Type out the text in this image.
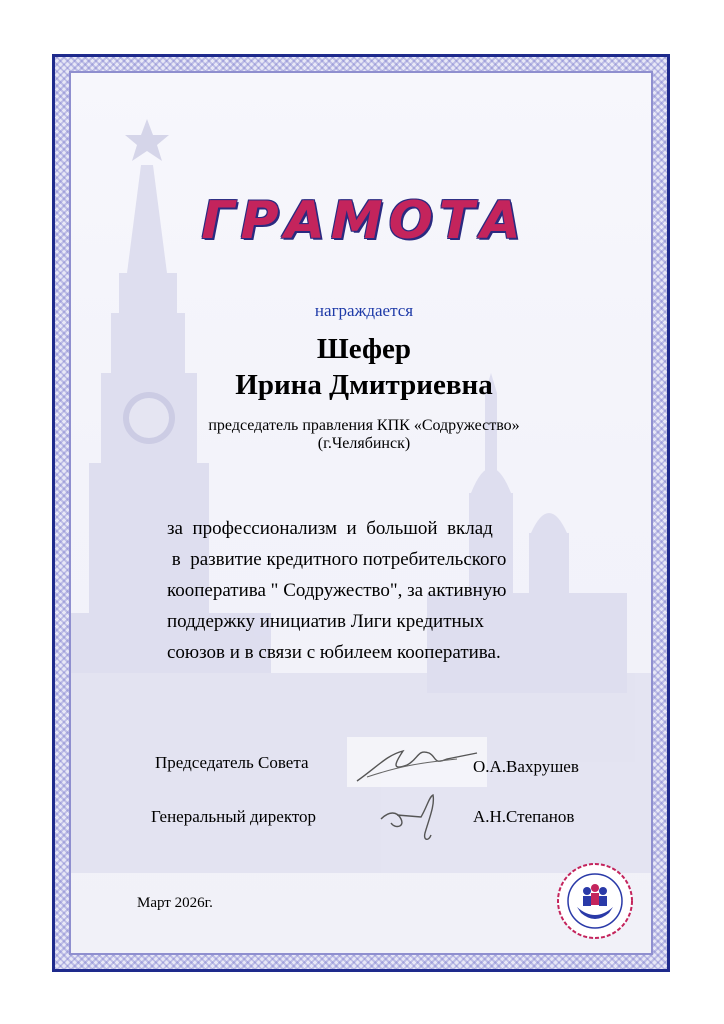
ГРАМОТА
награждается
Шефер
Ирина Дмитриевна
председатель правления КПК «Содружество»
(г.Челябинск)
за  профессионализм  и  большой  вклад
в  развитие кредитного потребительского
кооператива " Содружество", за активную
поддержку инициатив Лиги кредитных
союзов и в связи с юбилеем кооператива.
Председатель Совета	О.А.Вахрушев
Генеральный директор	А.Н.Степанов
Март 2026г.
